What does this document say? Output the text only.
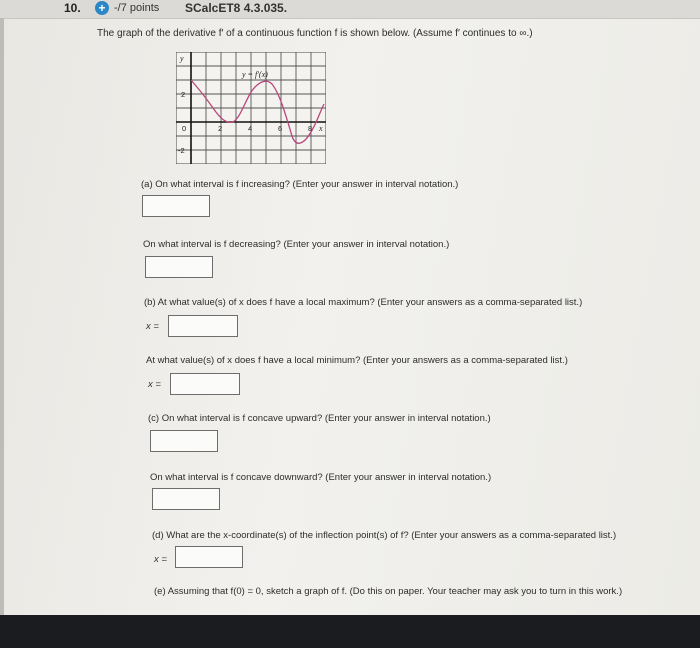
10. + -/7 points SCalcET8 4.3.035.
The graph of the derivative f′ of a continuous function f is shown below. (Assume f′ continues to ∞.)
y
y = f′(x)
2
0	2	4	6	8 x
-2
(a) On what interval is f increasing? (Enter your answer in interval notation.)
On what interval is f decreasing? (Enter your answer in interval notation.)
(b) At what value(s) of x does f have a local maximum? (Enter your answers as a comma-separated list.)
x =
At what value(s) of x does f have a local minimum? (Enter your answers as a comma-separated list.)
x =
(c) On what interval is f concave upward? (Enter your answer in interval notation.)
On what interval is f concave downward? (Enter your answer in interval notation.)
(d) What are the x-coordinate(s) of the inflection point(s) of f? (Enter your answers as a comma-separated list.)
x =
(e) Assuming that f(0) = 0, sketch a graph of f. (Do this on paper. Your teacher may ask you to turn in this work.)
